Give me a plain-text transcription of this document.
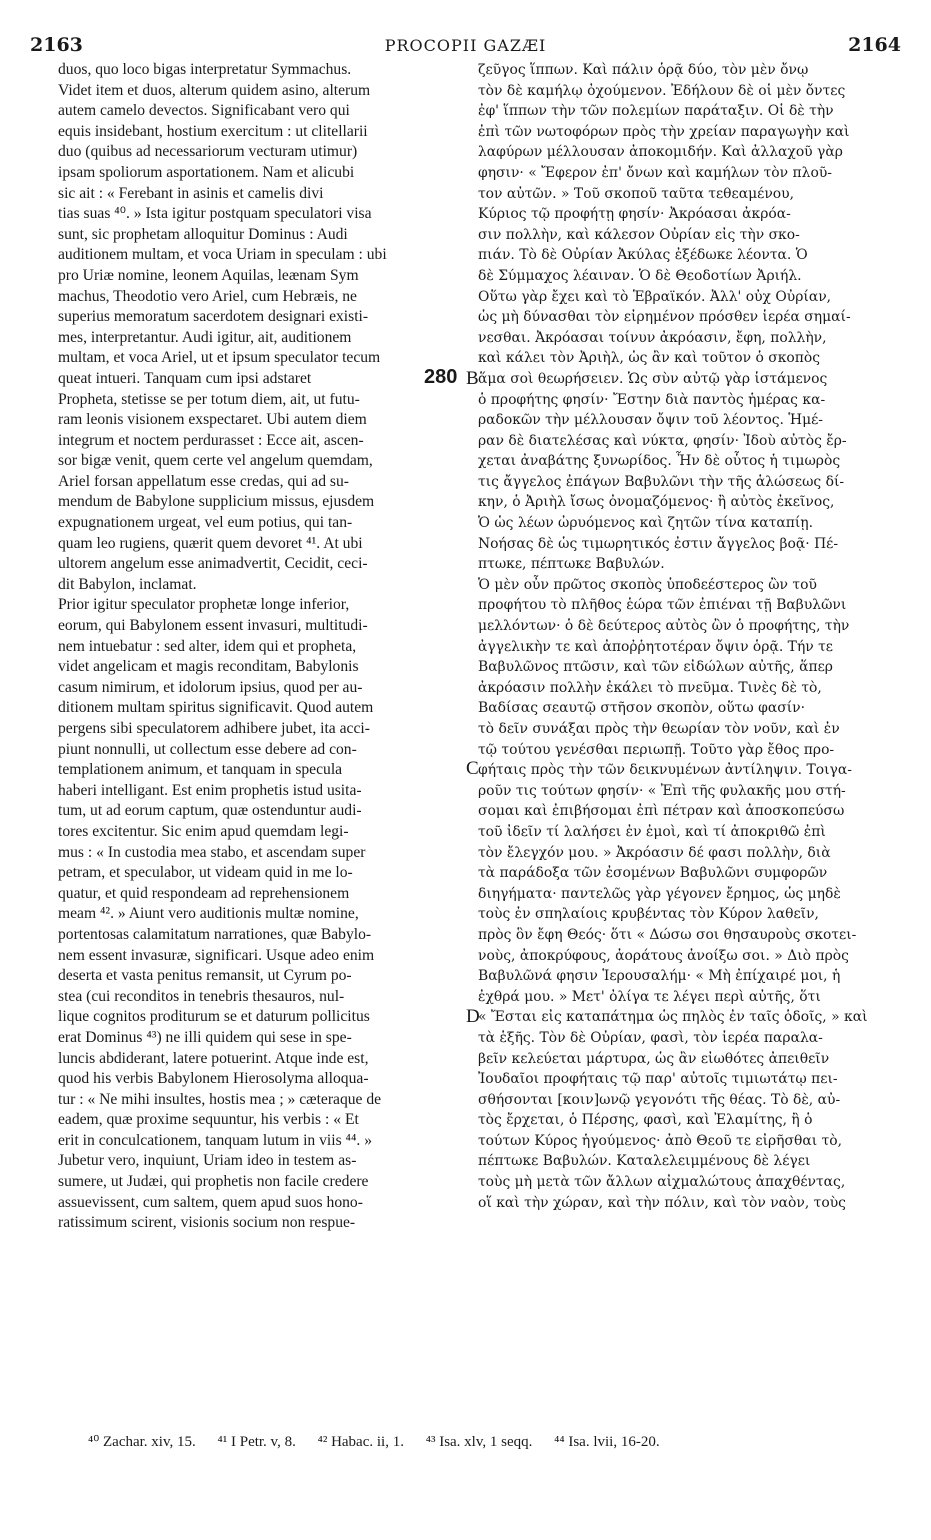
2163	PROCOPII GAZÆI	2164
duos, quo loco bigas interpretatur Symmachus.
Videt item et duos, alterum quidem asino, alterum
autem camelo devectos. Significabant vero qui
equis insidebant, hostium exercitum : ut clitellarii
duo (quibus ad necessariorum vecturam utimur)
ipsam spoliorum asportationem. Nam et alicubi
sic ait : « Ferebant in asinis et camelis divi
tias suas ⁴⁰. » Ista igitur postquam speculatori visa
sunt, sic prophetam alloquitur Dominus : Audi
auditionem multam, et voca Uriam in speculam : ubi
pro Uriæ nomine, leonem Aquilas, leænam Sym
machus, Theodotio vero Ariel, cum Hebræis, ne
superius memoratum sacerdotem designari existi-
mes, interpretantur. Audi igitur, ait, auditionem
multam, et voca Ariel, ut et ipsum speculator tecum
queat intueri. Tanquam cum ipsi adstaret
Propheta, stetisse se per totum diem, ait, ut futu-
ram leonis visionem exspectaret. Ubi autem diem
integrum et noctem perdurasset : Ecce ait, ascen-
sor bigæ venit, quem certe vel angelum quemdam,
Ariel forsan appellatum esse credas, qui ad su-
mendum de Babylone supplicium missus, ejusdem
expugnationem urgeat, vel eum potius, qui tan-
quam leo rugiens, quærit quem devoret ⁴¹. At ubi
ultorem angelum esse animadvertit, Cecidit, ceci-
dit Babylon, inclamat.
Prior igitur speculator prophetæ longe inferior,
eorum, qui Babylonem essent invasuri, multitudi-
nem intuebatur : sed alter, idem qui et propheta,
videt angelicam et magis reconditam, Babylonis
casum nimirum, et idolorum ipsius, quod per au-
ditionem multam spiritus significavit. Quod autem
pergens sibi speculatorem adhibere jubet, ita acci-
piunt nonnulli, ut collectum esse debere ad con-
templationem animum, et tanquam in specula
haberi intelligant. Est enim prophetis istud usita-
tum, ut ad eorum captum, quæ ostenduntur audi-
tores excitentur. Sic enim apud quemdam legi-
mus : « In custodia mea stabo, et ascendam super
petram, et speculabor, ut videam quid in me lo-
quatur, et quid respondeam ad reprehensionem
meam ⁴². » Aiunt vero auditionis multæ nomine,
portentosas calamitatum narrationes, quæ Babylo-
nem essent invasuræ, significari. Usque adeo enim
deserta et vasta penitus remansit, ut Cyrum po-
stea (cui reconditos in tenebris thesauros, nul-
lique cognitos proditurum se et daturum pollicitus
erat Dominus ⁴³) ne illi quidem qui sese in spe-
luncis abdiderant, latere potuerint. Atque inde est,
quod his verbis Babylonem Hierosolyma alloqua-
tur : « Ne mihi insultes, hostis mea ; » cæteraque de
eadem, quæ proxime sequuntur, his verbis : « Et
erit in conculcationem, tanquam lutum in viis ⁴⁴. »
Jubetur vero, inquiunt, Uriam ideo in testem as-
sumere, ut Judæi, qui prophetis non facile credere
assuevissent, cum saltem, quem apud suos hono-
ratissimum scirent, visionis socium non respue-
ζεῦγος ἵππων. Καὶ πάλιν ὁρᾷ δύο, τὸν μὲν ὄνῳ
τὸν δὲ καμήλῳ ὀχούμενον. Ἐδήλουν δὲ οἱ μὲν ὄντες
ἐφ' ἵππων τὴν τῶν πολεμίων παράταξιν. Οἱ δὲ τὴν
ἐπὶ τῶν νωτοφόρων πρὸς τὴν χρείαν παραγωγὴν καὶ
λαφύρων μέλλουσαν ἀποκομιδήν. Καὶ ἀλλαχοῦ γὰρ
φησιν· « Ἔφερον ἐπ' ὄνων καὶ καμήλων τὸν πλοῦ-
τον αὐτῶν. » Τοῦ σκοποῦ ταῦτα τεθεαμένου,
Κύριος τῷ προφήτῃ φησίν· Ἀκρόασαι ἀκρόα-
σιν πολλὴν, καὶ κάλεσον Οὐρίαν εἰς τὴν σκο-
πιάν. Τὸ δὲ Οὐρίαν Ἀκύλας ἐξέδωκε λέοντα. Ὁ
δὲ Σύμμαχος λέαιναν. Ὁ δὲ Θεοδοτίων Ἀριήλ.
Οὕτω γὰρ ἔχει καὶ τὸ Ἑβραϊκόν. Ἀλλ' οὐχ Οὐρίαν,
ὡς μὴ δύνασθαι τὸν εἰρημένον πρόσθεν ἱερέα σημαί-
νεσθαι. Ἀκρόασαι τοίνυν ἀκρόασιν, ἔφη, πολλὴν,
καὶ κάλει τὸν Ἀριὴλ, ὡς ἂν καὶ τοῦτον ὁ σκοπὸς
ἅμα σοὶ θεωρήσειεν. Ὡς σὺν αὐτῷ γὰρ ἱστάμενος
ὁ προφήτης φησίν· Ἔστην διὰ παντὸς ἡμέρας κα-
ραδοκῶν τὴν μέλλουσαν ὄψιν τοῦ λέοντος. Ἡμέ-
ραν δὲ διατελέσας καὶ νύκτα, φησίν· Ἰδοὺ αὐτὸς ἔρ-
χεται ἀναβάτης ξυνωρίδος. Ἦν δὲ οὗτος ἡ τιμωρὸς
τις ἄγγελος ἐπάγων Βαβυλῶνι τὴν τῆς ἁλώσεως δί-
κην, ὁ Ἀριὴλ ἴσως ὀνομαζόμενος· ἢ αὐτὸς ἐκεῖνος,
Ὁ ὡς λέων ὠρυόμενος καὶ ζητῶν τίνα καταπίῃ.
Νοήσας δὲ ὡς τιμωρητικός ἐστιν ἄγγελος βοᾷ· Πέ-
πτωκε, πέπτωκε Βαβυλών.
Ὁ μὲν οὖν πρῶτος σκοπὸς ὑποδεέστερος ὢν τοῦ
προφήτου τὸ πλῆθος ἑώρα τῶν ἐπιέναι τῇ Βαβυλῶνι
μελλόντων· ὁ δὲ δεύτερος αὐτὸς ὢν ὁ προφήτης, τὴν
ἀγγελικὴν τε καὶ ἀποῤῥητοτέραν ὄψιν ὁρᾷ. Τήν τε
Βαβυλῶνος πτῶσιν, καὶ τῶν εἰδώλων αὐτῆς, ἅπερ
ἀκρόασιν πολλὴν ἐκάλει τὸ πνεῦμα. Τινὲς δὲ τὸ,
Βαδίσας σεαυτῷ στῆσον σκοπὸν, οὕτω φασίν·
τὸ δεῖν συνάξαι πρὸς τὴν θεωρίαν τὸν νοῦν, καὶ ἐν
τῷ τούτου γενέσθαι περιωπῇ. Τοῦτο γὰρ ἔθος προ-
φήταις πρὸς τὴν τῶν δεικνυμένων ἀντίληψιν. Τοιγα-
ροῦν τις τούτων φησίν· « Ἐπὶ τῆς φυλακῆς μου στή-
σομαι καὶ ἐπιβήσομαι ἐπὶ πέτραν καὶ ἀποσκοπεύσω
τοῦ ἰδεῖν τί λαλήσει ἐν ἐμοὶ, καὶ τί ἀποκριθῶ ἐπὶ
τὸν ἔλεγχόν μου. » Ἀκρόασιν δέ φασι πολλὴν, διὰ
τὰ παράδοξα τῶν ἐσομένων Βαβυλῶνι συμφορῶν
διηγήματα· παντελῶς γὰρ γέγονεν ἔρημος, ὡς μηδὲ
τοὺς ἐν σπηλαίοις κρυβέντας τὸν Κύρον λαθεῖν,
πρὸς ὃν ἔφη Θεός· ὅτι « Δώσω σοι θησαυροὺς σκοτει-
νοὺς, ἀποκρύφους, ἀοράτους ἀνοίξω σοι. » Διὸ πρὸς
Βαβυλῶνά φησιν Ἱερουσαλήμ· « Μὴ ἐπίχαιρέ μοι, ἡ
ἐχθρά μου. » Μετ' ὀλίγα τε λέγει περὶ αὐτῆς, ὅτι
« Ἔσται εἰς καταπάτημα ὡς πηλὸς ἐν ταῖς ὁδοῖς, » καὶ
τὰ ἑξῆς. Τὸν δὲ Οὐρίαν, φασὶ, τὸν ἱερέα παραλα-
βεῖν κελεύεται μάρτυρα, ὡς ἂν εἰωθότες ἀπειθεῖν
Ἰουδαῖοι προφήταις τῷ παρ' αὐτοῖς τιμιωτάτῳ πει-
σθήσονται [κοιν]ωνῷ γεγονότι τῆς θέας. Τὸ δὲ, αὐ-
τὸς ἔρχεται, ὁ Πέρσης, φασὶ, καὶ Ἐλαμίτης, ἢ ὁ
τούτων Κύρος ἡγούμενος· ἀπὸ Θεοῦ τε εἰρῆσθαι τὸ,
πέπτωκε Βαβυλών. Καταλελειμμένους δὲ λέγει
τοὺς μὴ μετὰ τῶν ἄλλων αἰχμαλώτους ἀπαχθέντας,
οἵ καὶ τὴν χώραν, καὶ τὴν πόλιν, καὶ τὸν ναὸν, τοὺς
280 B
C
D
⁴⁰ Zachar. xiv, 15. ⁴¹ I Petr. v, 8. ⁴² Habac. ii, 1. ⁴³ Isa. xlv, 1 seqq. ⁴⁴ Isa. lvii, 16-20.
